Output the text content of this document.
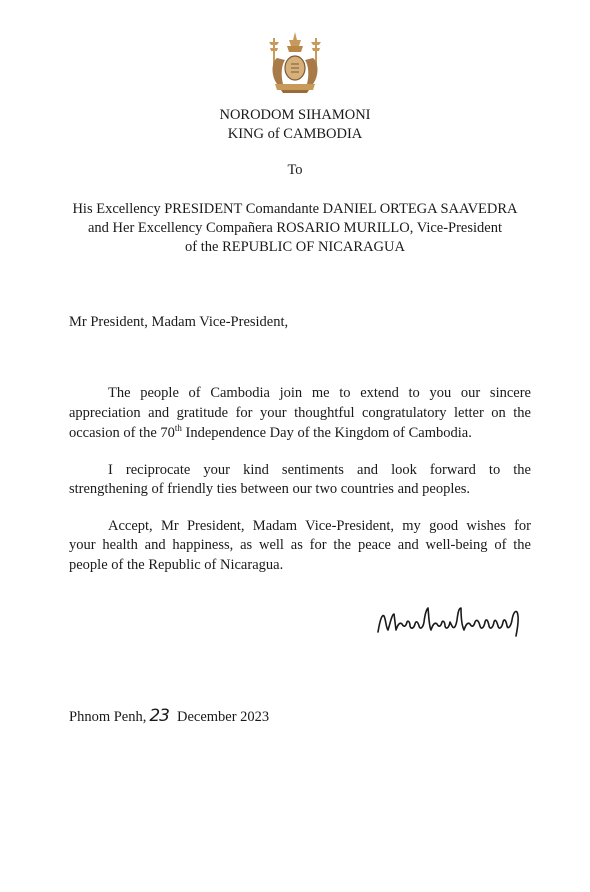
NORODOM SIHAMONI
KING of CAMBODIA
To
His Excellency PRESIDENT Comandante DANIEL ORTEGA SAAVEDRA
and Her Excellency Compañera ROSARIO MURILLO, Vice-President
of the REPUBLIC OF NICARAGUA
Mr President, Madam Vice-President,
The people of Cambodia join me to extend to you our sincere
appreciation and gratitude for your thoughtful congratulatory letter on the
occasion of the 70th Independence Day of the Kingdom of Cambodia.
I reciprocate your kind sentiments and look forward to the
strengthening of friendly ties between our two countries and peoples.
Accept, Mr President, Madam Vice-President, my good wishes for
your health and happiness, as well as for the peace and well-being of the
people of the Republic of Nicaragua.
Phnom Penh, 23 December 2023
